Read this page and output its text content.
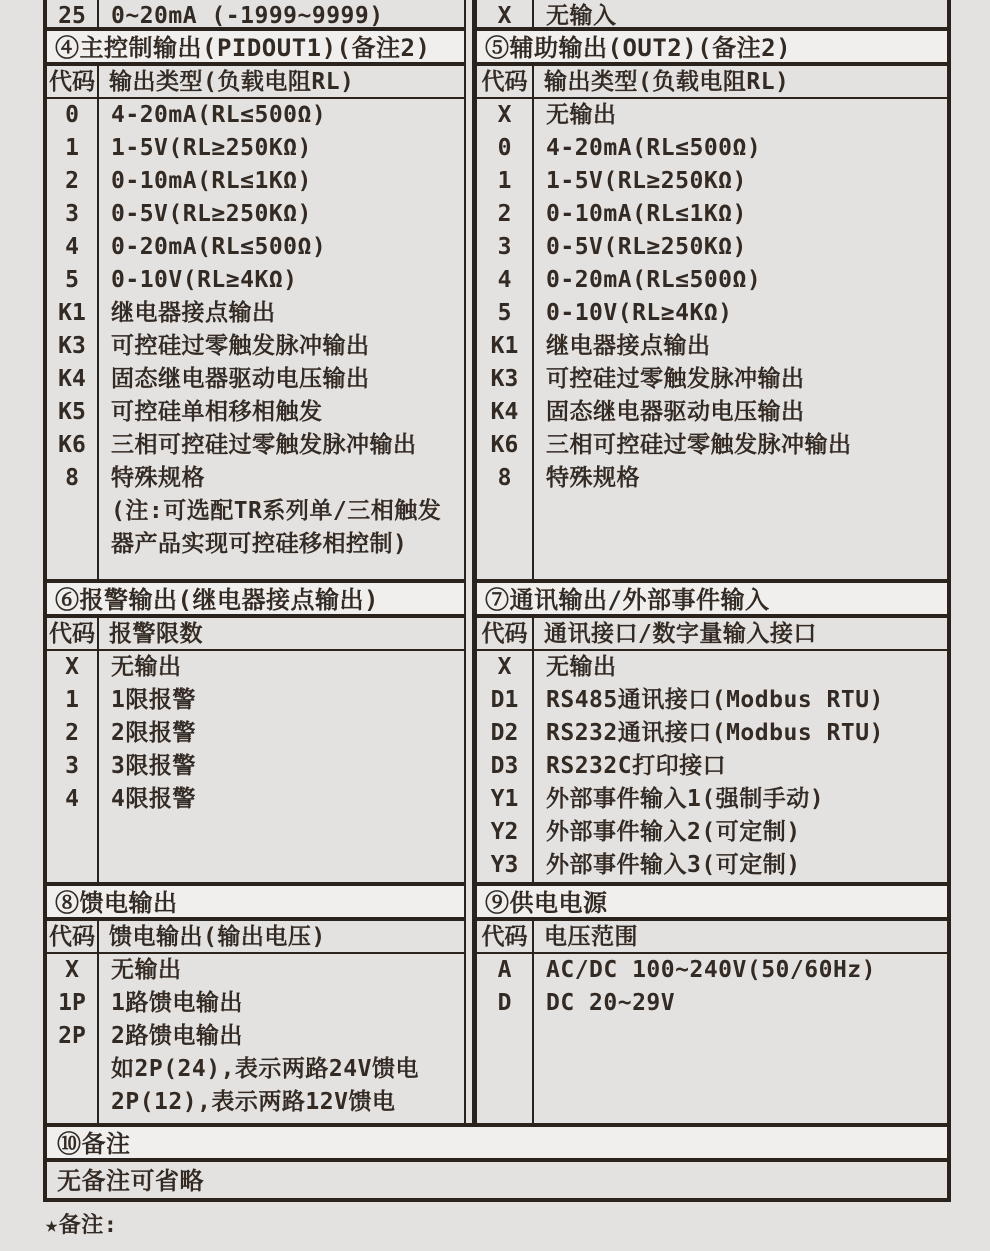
25	0~20mA (-1999~9999)
④主控制输出(PIDOUT1)(备注2)
代码 输出类型(负载电阻RL)
0
1
2
3
4
5
K1
K3
K4
K5
K6
8
4-20mA(RL≤500Ω)
1-5V(RL≥250KΩ)
0-10mA(RL≤1KΩ)
0-5V(RL≥250KΩ)
0-20mA(RL≤500Ω)
0-10V(RL≥4KΩ)
继电器接点输出
可控硅过零触发脉冲输出
固态继电器驱动电压输出
可控硅单相移相触发
三相可控硅过零触发脉冲输出
特殊规格
(注:可选配TR系列单/三相触发
器产品实现可控硅移相控制)
⑥报警输出(继电器接点输出)
代码 报警限数
X
1
2
3
4
无输出
1限报警
2限报警
3限报警
4限报警
⑧馈电输出
代码 馈电输出(输出电压)
X
1P
2P
无输出
1路馈电输出
2路馈电输出
如2P(24),表示两路24V馈电
2P(12),表示两路12V馈电
X	无输入
⑤辅助输出(OUT2)(备注2)
代码 输出类型(负载电阻RL)
X
0
1
2
3
4
5
K1
K3
K4
K6
8
无输出
4-20mA(RL≤500Ω)
1-5V(RL≥250KΩ)
0-10mA(RL≤1KΩ)
0-5V(RL≥250KΩ)
0-20mA(RL≤500Ω)
0-10V(RL≥4KΩ)
继电器接点输出
可控硅过零触发脉冲输出
固态继电器驱动电压输出
三相可控硅过零触发脉冲输出
特殊规格
⑦通讯输出/外部事件输入
代码 通讯接口/数字量输入接口
X
D1
D2
D3
Y1
Y2
Y3
无输出
RS485通讯接口(Modbus RTU)
RS232通讯接口(Modbus RTU)
RS232C打印接口
外部事件输入1(强制手动)
外部事件输入2(可定制)
外部事件输入3(可定制)
⑨供电电源
代码 电压范围
A
D
AC/DC 100~240V(50/60Hz)
DC 20~29V
⑩备注
无备注可省略
★备注:
